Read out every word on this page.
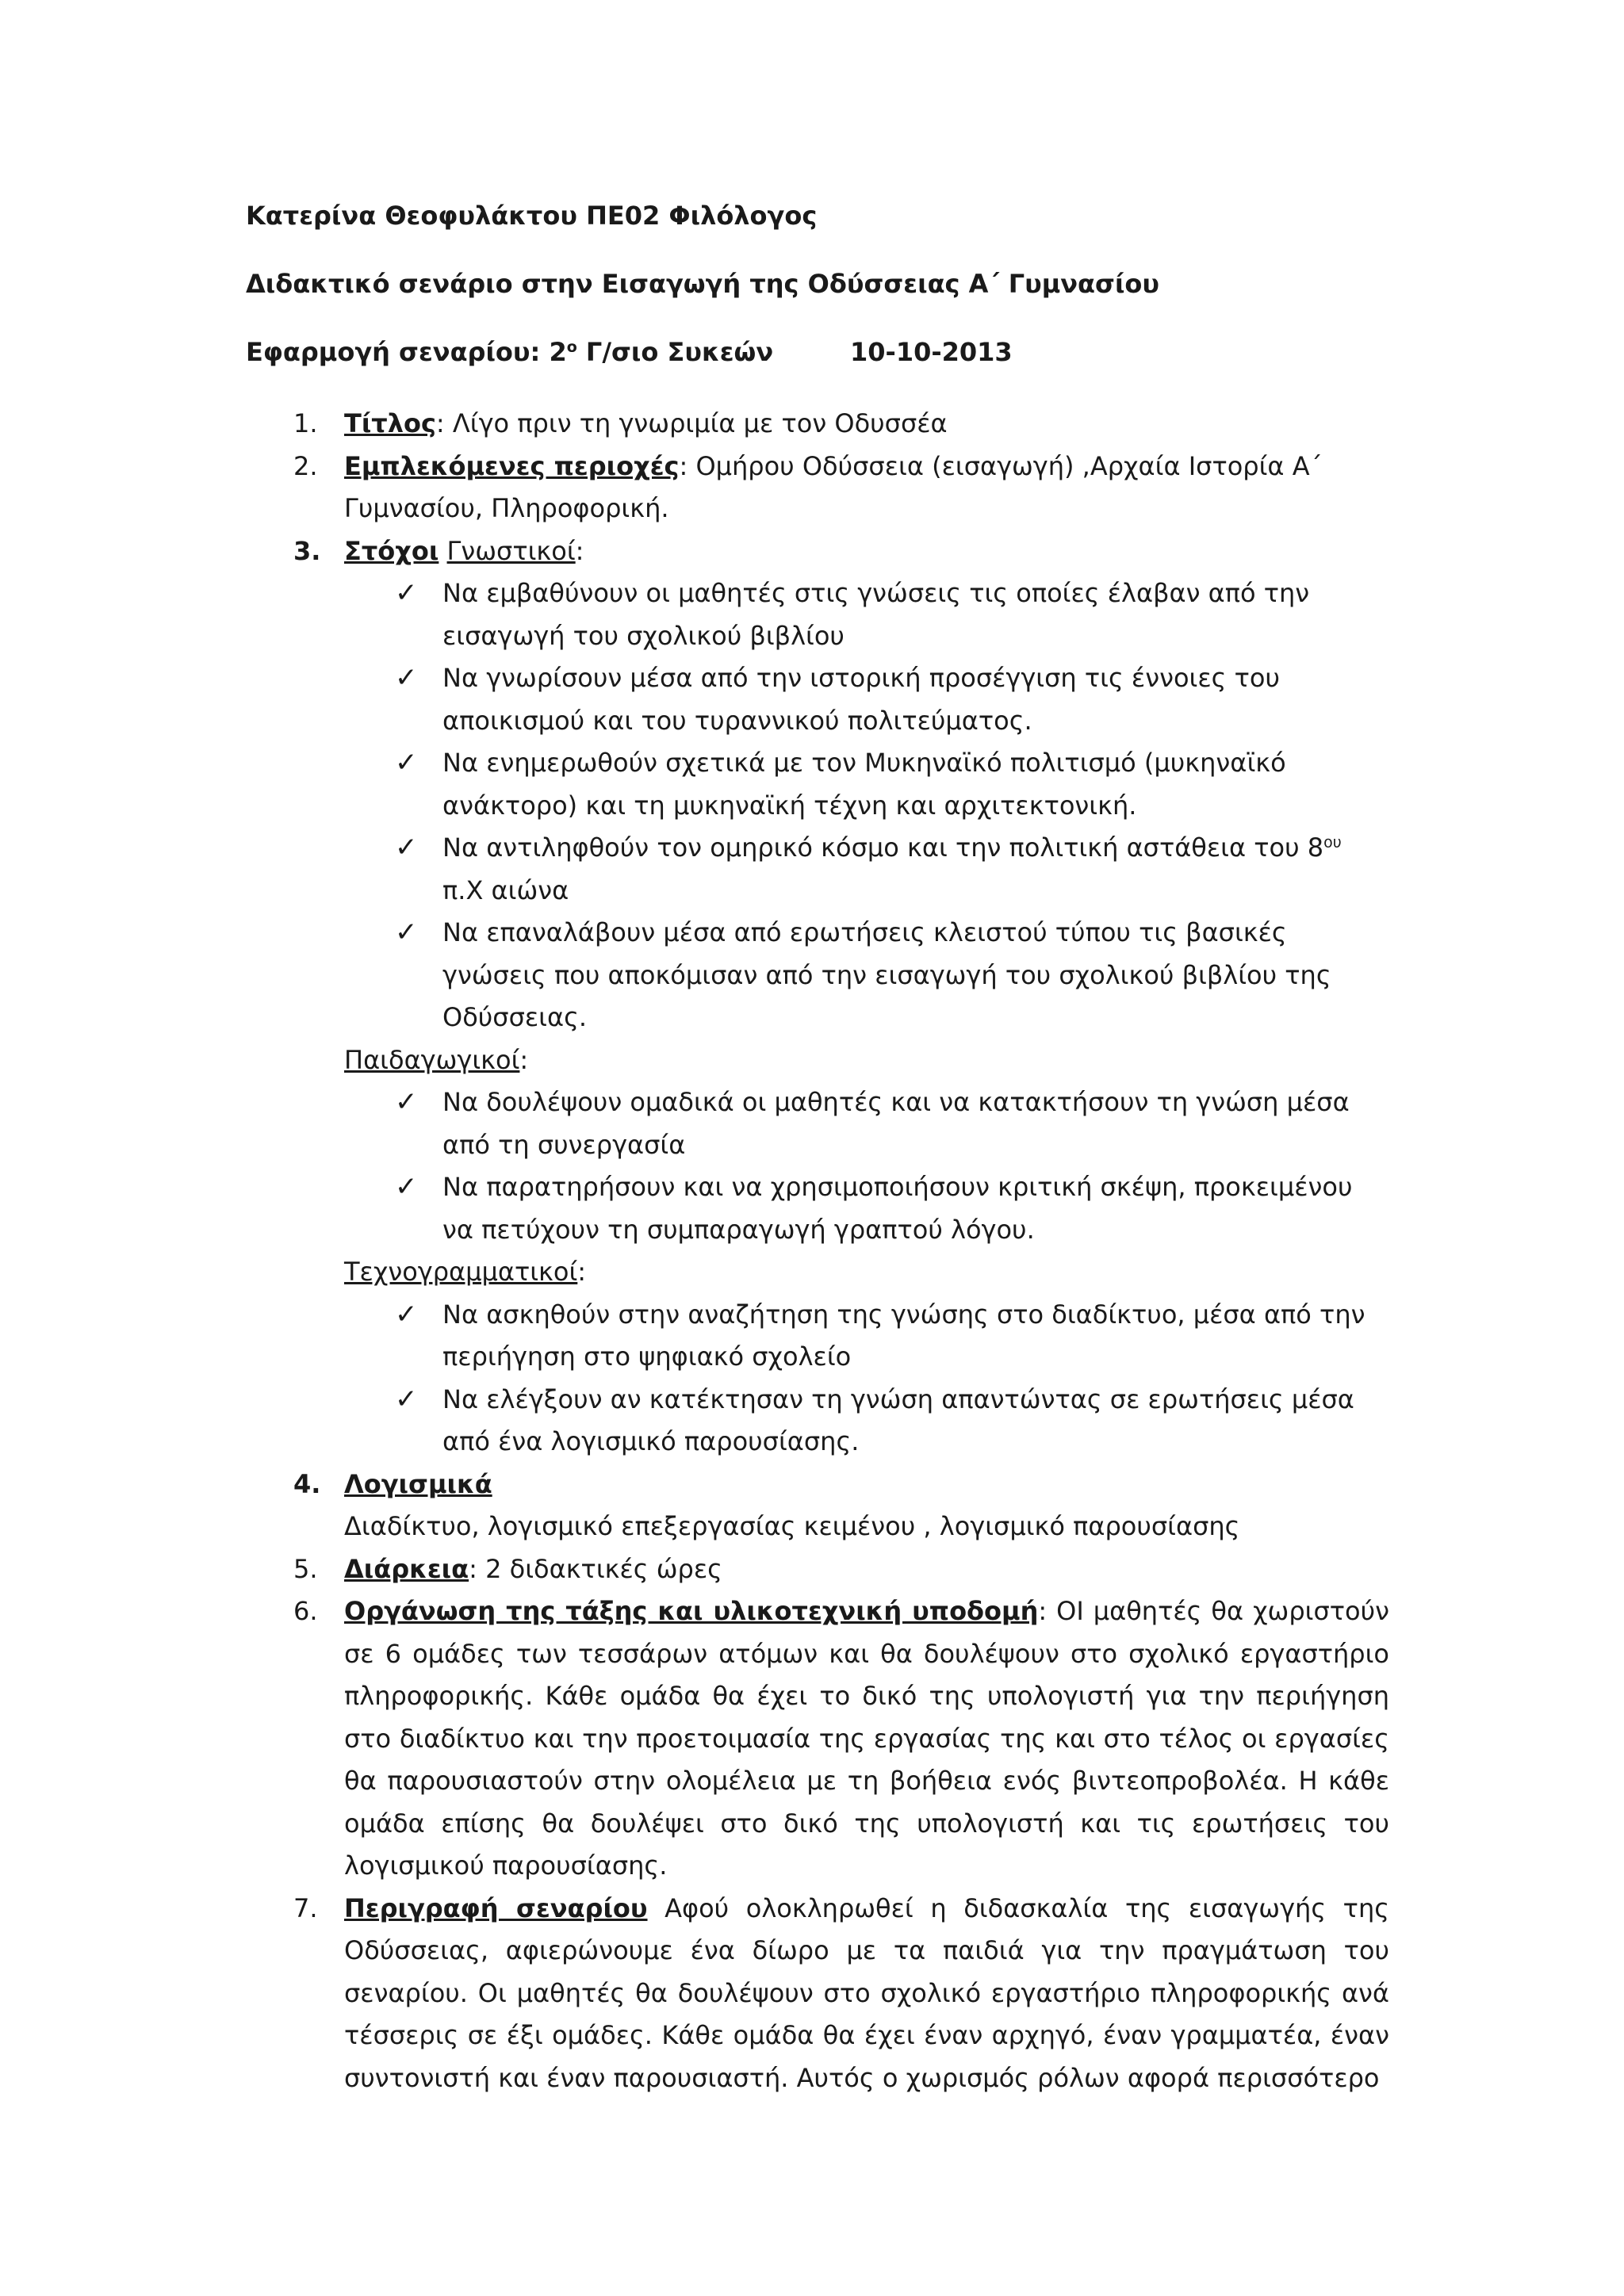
Κατερίνα Θεοφυλάκτου ΠΕ02 Φιλόλογος

Διδακτικό σενάριο στην Εισαγωγή της Οδύσσειας Α΄ Γυμνασίου

Εφαρμογή σεναρίου: $2^o$ Γ/σιο Συκεών	10-10-2013
1. Τίτλος: Λίγο πριν τη γνωριμία με τον Οδυσσέα
2. Εμπλεκόμενες περιοχές: Ομήρου Οδύσσεια (εισαγωγή) ,Αρχαία Ιστορία Α΄ Γυμνασίου, Πληροφορική.
3. Στόχοι Γνωστικοί:
✓ Να εμβαθύνουν οι μαθητές στις γνώσεις τις οποίες έλαβαν από την εισαγωγή του σχολικού βιβλίου
✓ Να γνωρίσουν μέσα από την ιστορική προσέγγιση τις έννοιες του αποικισμού και του τυραννικού πολιτεύματος.
✓ Να ενημερωθούν σχετικά με τον Μυκηναϊκό πολιτισμό (μυκηναϊκό ανάκτορο) και τη μυκηναϊκή τέχνη και αρχιτεκτονική.
✓ Να αντιληφθούν τον ομηρικό κόσμο και την πολιτική αστάθεια του $8^{o\upsilon}$ π.Χ αιώνα
✓ Να επαναλάβουν μέσα από ερωτήσεις κλειστού τύπου τις βασικές γνώσεις που αποκόμισαν από την εισαγωγή του σχολικού βιβλίου της Οδύσσειας.
Παιδαγωγικοί:
✓ Να δουλέψουν ομαδικά οι μαθητές και να κατακτήσουν τη γνώση μέσα από τη συνεργασία
✓ Να παρατηρήσουν και να χρησιμοποιήσουν κριτική σκέψη, προκειμένου να πετύχουν τη συμπαραγωγή γραπτού λόγου.
Τεχνογραμματικοί:
✓ Να ασκηθούν στην αναζήτηση της γνώσης στο διαδίκτυο, μέσα από την περιήγηση στο ψηφιακό σχολείο
✓ Να ελέγξουν αν κατέκτησαν τη γνώση απαντώντας σε ερωτήσεις μέσα από ένα λογισμικό παρουσίασης.
4. Λογισμικά
Διαδίκτυο, λογισμικό επεξεργασίας κειμένου , λογισμικό παρουσίασης
5. Διάρκεια: 2 διδακτικές ώρες
6. Οργάνωση της τάξης και υλικοτεχνική υποδομή: ΟΙ μαθητές θα χωριστούν σε 6 ομάδες των τεσσάρων ατόμων και θα δουλέψουν στο σχολικό εργαστήριο πληροφορικής. Κάθε ομάδα θα έχει το δικό της υπολογιστή για την περιήγηση στο διαδίκτυο και την προετοιμασία της εργασίας της και στο τέλος οι εργασίες θα παρουσιαστούν στην ολομέλεια με τη βοήθεια ενός βιντεοπροβολέα. Η κάθε ομάδα επίσης θα δουλέψει στο δικό της υπολογιστή και τις ερωτήσεις του λογισμικού παρουσίασης.
7. Περιγραφή σεναρίου Αφού ολοκληρωθεί η διδασκαλία της εισαγωγής της Οδύσσειας, αφιερώνουμε ένα δίωρο με τα παιδιά για την πραγμάτωση του σεναρίου. Οι μαθητές θα δουλέψουν στο σχολικό εργαστήριο πληροφορικής ανά τέσσερις σε έξι ομάδες. Κάθε ομάδα θα έχει έναν αρχηγό, έναν γραμματέα, έναν συντονιστή και έναν παρουσιαστή. Αυτός ο χωρισμός ρόλων αφορά περισσότερο
